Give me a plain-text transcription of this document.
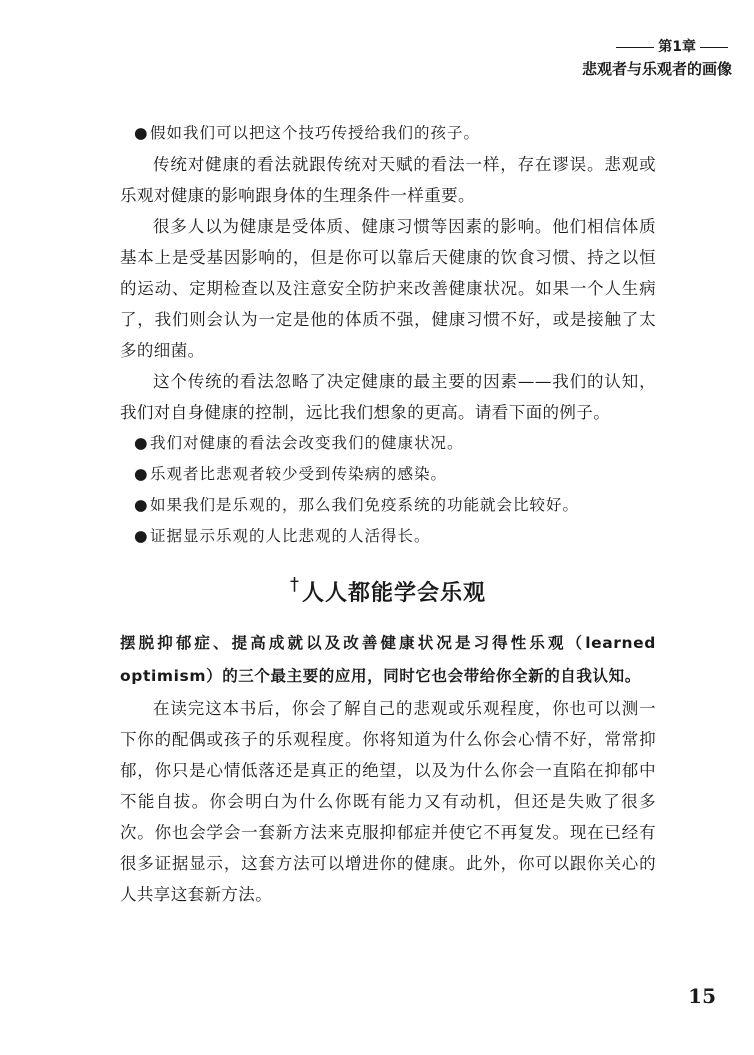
第1章
悲观者与乐观者的画像

●假如我们可以把这个技巧传授给我们的孩子。

传统对健康的看法就跟传统对天赋的看法一样，存在谬误。悲观或乐观对健康的影响跟身体的生理条件一样重要。

很多人以为健康是受体质、健康习惯等因素的影响。他们相信体质基本上是受基因影响的，但是你可以靠后天健康的饮食习惯、持之以恒的运动、定期检查以及注意安全防护来改善健康状况。如果一个人生病了，我们则会认为一定是他的体质不强，健康习惯不好，或是接触了太多的细菌。

这个传统的看法忽略了决定健康的最主要的因素——我们的认知，我们对自身健康的控制，远比我们想象的更高。请看下面的例子。

●我们对健康的看法会改变我们的健康状况。

●乐观者比悲观者较少受到传染病的感染。

●如果我们是乐观的，那么我们免疫系统的功能就会比较好。

●证据显示乐观的人比悲观的人活得长。

†人人都能学会乐观

摆脱抑郁症、提高成就以及改善健康状况是习得性乐观（learned optimism）的三个最主要的应用，同时它也会带给你全新的自我认知。

在读完这本书后，你会了解自己的悲观或乐观程度，你也可以测一下你的配偶或孩子的乐观程度。你将知道为什么你会心情不好，常常抑郁，你只是心情低落还是真正的绝望，以及为什么你会一直陷在抑郁中不能自拔。你会明白为什么你既有能力又有动机，但还是失败了很多次。你也会学会一套新方法来克服抑郁症并使它不再复发。现在已经有很多证据显示，这套方法可以增进你的健康。此外，你可以跟你关心的人共享这套新方法。

15
